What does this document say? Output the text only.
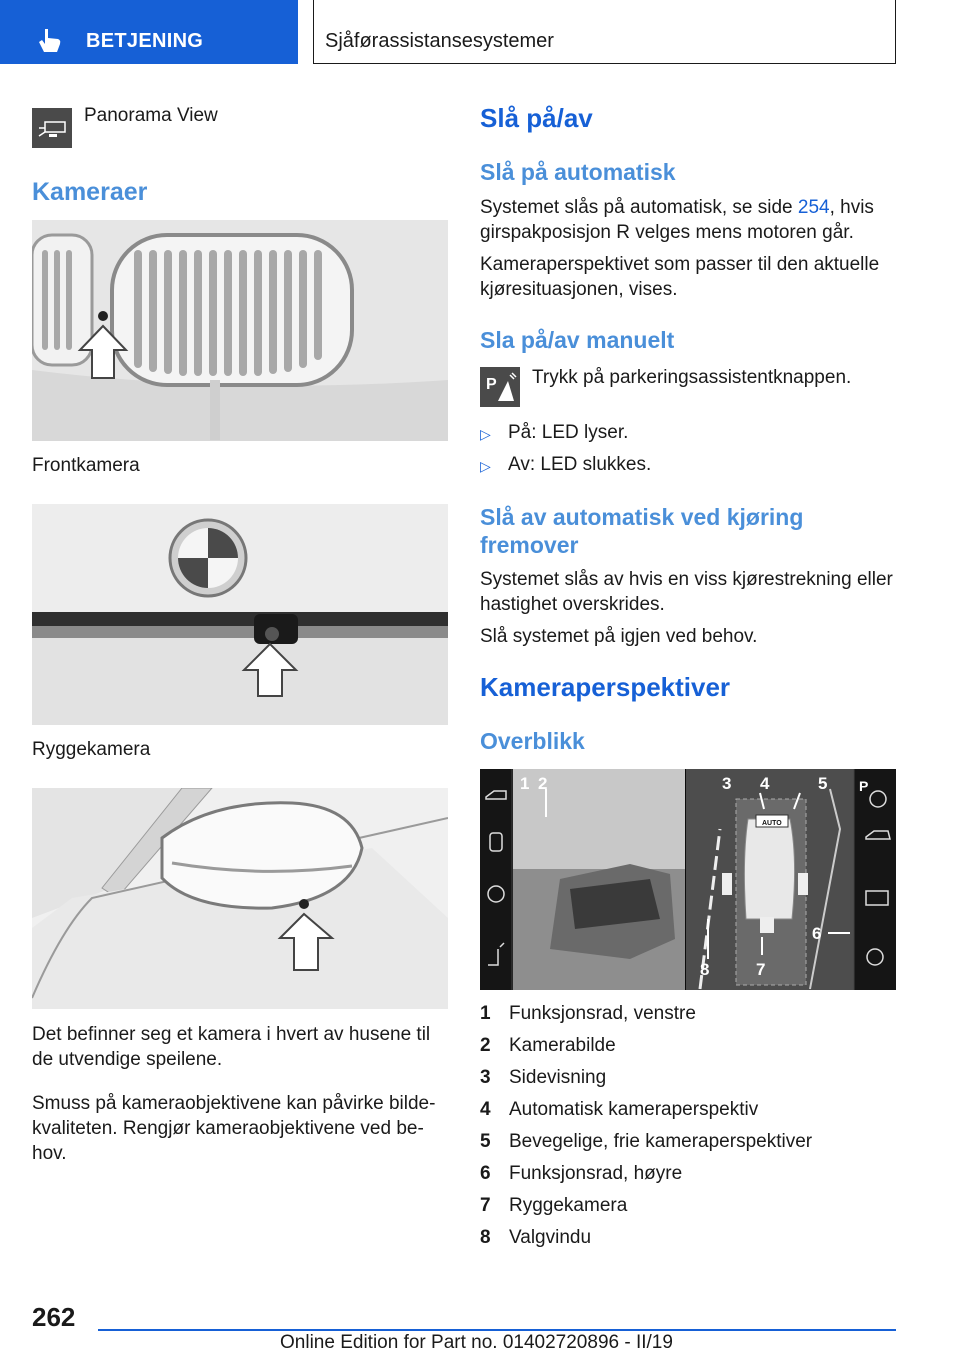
BETJENING	Sjåførassistansesystemer
Panorama View
Kameraer
Frontkamera
Ryggekamera
Det befinner seg et kamera i hvert av husene til de utvendige speilene.
Smuss på kameraobjektivene kan påvirke bildekvaliteten. Rengjør kameraobjektivene ved behov.
Slå på/av
Slå på automatisk
Systemet slås på automatisk, se side 254, hvis girspakposisjon R velges mens motoren går.
Kameraperspektivet som passer til den aktuelle kjøresituasjonen, vises.
Sla på/av manuelt
P Trykk på parkeringsassistentknappen.
▷ På: LED lyser.
▷ Av: LED slukkes.
Slå av automatisk ved kjøring fremover
Systemet slås av hvis en viss kjørestrekning eller hastighet overskrides.
Slå systemet på igjen ved behov.
Kameraperspektiver
Overblikk
AUTO
P
1 2	3 4	5
6
7
8
1 Funksjonsrad, venstre
2 Kamerabilde
3 Sidevisning
4 Automatisk kameraperspektiv
5 Bevegelige, frie kameraperspektiver
6 Funksjonsrad, høyre
7 Ryggekamera
8 Valgvindu
262
Online Edition for Part no. 01402720896 - II/19
